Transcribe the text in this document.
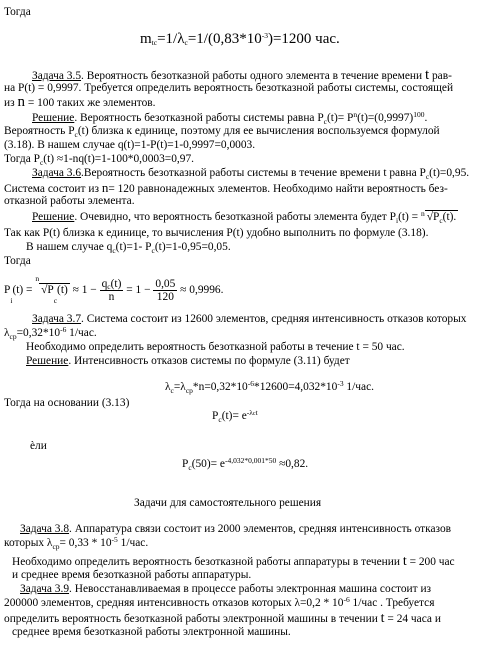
Тогда
$m_{tc}=1/\lambda_c=1/(0,83*10^{-3})=1200$ час.
Задача 3.5. Вероятность безотказной работы одного элемента в течение времени t рав-
на P(t) = 0,9997. Требуется определить вероятность безотказной работы системы, состоящей
из n = 100 таких же элементов.
Решение. Вероятность безотказной работы системы равна $P_c(t)= P^n(t)=(0,9997)^{100}$.
Вероятность $P_c(t)$ близка к единице, поэтому для ее вычисления воспользуемся формулой
(3.18). В нашем случае q(t)=1-P(t)=1-0,9997=0,0003.
Тогда $P_c(t) \approx 1-nq(t)=1-100*0,0003=0,97$.
Задача 3.6.Вероятность безотказной работы системы в течение времени t равна $P_c(t)=0,95$.
Система состоит из n= 120 равнонадежных элементов. Необходимо найти вероятность без-
отказной работы элемента.
Решение. Очевидно, что вероятность безотказной работы элемента будет $P_i(t) = ^n$ $√P_c(t)$.
Так как P(t) близка к единице, то вычисления P(t) удобно выполнить по формуле (3.18).
В нашем случае $q_c(t)=1-$ $P_c(t)=1-0,95=0,05$.
Тогда
$P_i(t) = ^n√P_c(t) \approx 1 - \frac{q_c(t)}{n} = 1 - \frac{0,05}{120} \approx 0,9996$.
Задача 3.7. Система состоит из 12600 элементов, средняя интенсивность отказов которых
$\lambda_{ср}=0,32*10^{-6}$ 1/час.
Необходимо определить вероятность безотказной работы в течение t = 50 час.
Решение. Интенсивность отказов системы по формуле (3.11) будет
$\lambda_c=\lambda_{ср}*n=0,32*10^{-6}*12600=4,032*10^{-3}$ 1/час.
Тогда на основании (3.13)
$P_c(t)= e^{-\lambda ct}$
èли
$P_c(50)= e^{-4,032*0,001*50} \approx 0,82$.
Задачи для самостоятельного решения
Задача 3.8. Аппаратура связи состоит из 2000 элементов, средняя интенсивность отказов
которых $\lambda_{ср}= 0,33 * 10^{-5}$ 1/час.
Необходимо определить вероятность безотказной работы аппаратуры в течении t = 200 час
и среднее время безотказной работы аппаратуры.
Задача 3.9. Невосстанавливаемая в процессе работы электронная машина состоит из
200000 элементов, средняя интенсивность отказов которых $\lambda=0,2 * 10^{-6}$ 1/час . Требуется
определить вероятность безотказной работы электронной машины в течении t = 24 часа и
среднее время безотказной работы электронной машины.
